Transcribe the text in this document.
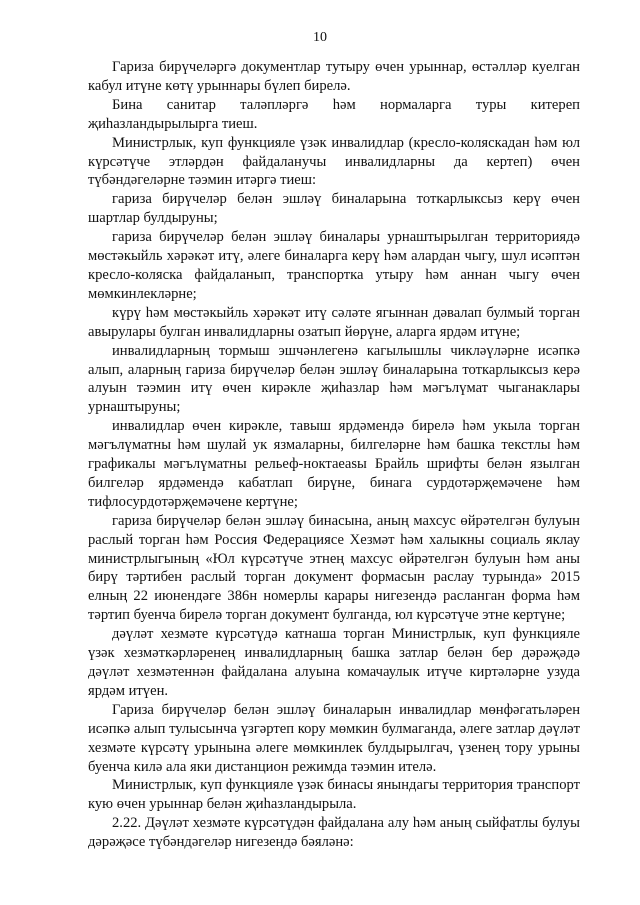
10

Гариза бирүчеләргә документлар тутыру өчен урыннар, өстәлләр куелган кабул итүне көтү урыннары бүлеп бирелә.

Бина санитар таләпләргә һәм нормаларга туры китереп җиһазландырылырга тиеш.

Министрлык, куп функцияле үзәк инвалидлар (кресло-коляскадан һәм юл күрсәтүче этләрдән файдаланучы инвалидларны да кертеп) өчен түбәндәгеләрне тәэмин итәргә тиеш:

гариза бирүчеләр белән эшләү биналарына тоткарлыксыз керү өчен шартлар булдыруны;

гариза бирүчеләр белән эшләү биналары урнаштырылган территориядә мөстәкыйль хәрәкәт итү, әлеге биналарга керү һәм алардан чыгу, шул исәптән кресло-коляска файдаланып, транспортка утыру һәм аннан чыгу өчен мөмкинлекләрне;

күрү һәм мөстәкыйль хәрәкәт итү сәләте ягыннан дәвалап булмый торган авырулары булган инвалидларны озатып йөрүне, аларга ярдәм итүне;

инвалидларның тормыш эшчәнлегенә кагылышлы чикләүләрне исәпкә алып, аларның гариза бирүчеләр белән эшләү биналарына тоткарлыксыз керә алуын тәэмин итү өчен кирәкле җиһазлар һәм мәгълүмат чыганаклары урнаштыруны;

инвалидлар өчен кирәкле, тавыш ярдәмендә бирелә һәм укыла торган мәгълүматны һәм шулай ук язмаларны, билгеләрне һәм башка текстлы һәм графикалы мәгълүматны рельеф-ноктаeasы Брайль шрифты белән язылган билгеләр ярдәмендә кабатлап бирүне, бинага сурдотәрҗемәчене һәм тифлосурдотәрҗемәчене кертүне;

гариза бирүчеләр белән эшләү бинасына, аның махсус өйрәтелгән булуын раслый торган һәм Россия Федерациясе Хезмәт һәм халыкны социаль яклау министрлыгының «Юл күрсәтүче этнең махсус өйрәтелгән булуын һәм аны бирү тәртибен раслый торган документ формасын раслау турында» 2015 елның 22 июнендәге 386н номерлы карары нигезендә расланган форма һәм тәртип буенча бирелә торган документ булганда, юл күрсәтүче этне кертүне;

дәүләт хезмәте күрсәтүдә катнаша торган Министрлык, куп функцияле үзәк хезмәткәрләренең инвалидларның башка затлар белән бер дәрәҗәдә дәүләт хезмәтеннән файдалана алуына комачаулык итүче киртәләрне узуда ярдәм итүен.

Гариза бирүчеләр белән эшләү биналарын инвалидлар мөнфәгатьләрен исәпкә алып тулысынча үзгәртеп кору мөмкин булмаганда, әлеге затлар дәүләт хезмәте күрсәтү урынына әлеге мөмкинлек булдырылгач, үзенең тору урыны буенча килә ала яки дистанцион режимда тәэмин ителә.

Министрлык, куп функцияле үзәк бинасы янындагы территория транспорт кую өчен урыннар белән җиһазландырыла.

2.22. Дәүләт хезмәте күрсәтүдән файдалана алу һәм аның сыйфатлы булуы дәрәҗәсе түбәндәгеләр нигезендә бәяләнә:
